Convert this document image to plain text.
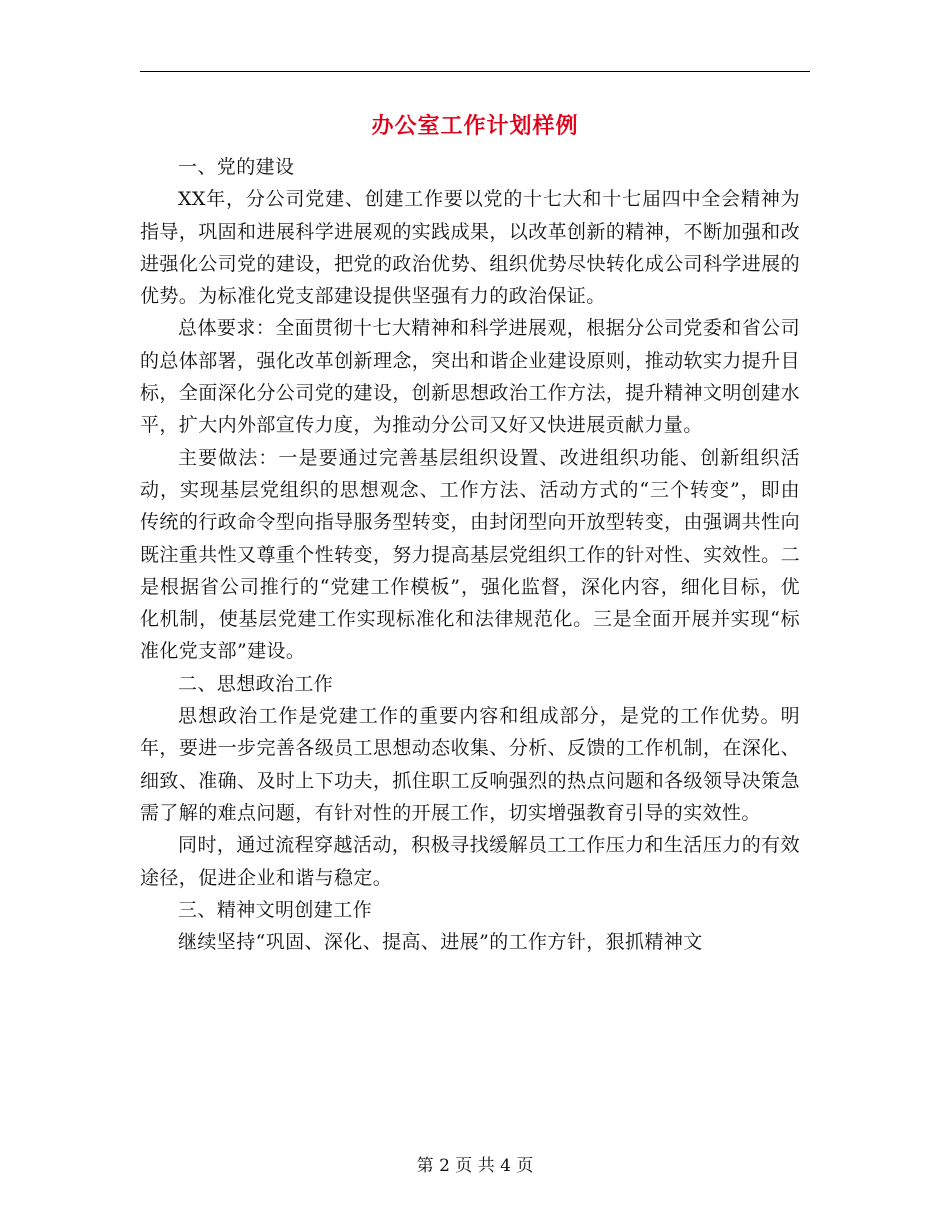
办公室工作计划样例

一、党的建设

XX年，分公司党建、创建工作要以党的十七大和十七届四中全会精神为指导，巩固和进展科学进展观的实践成果，以改革创新的精神，不断加强和改进强化公司党的建设，把党的政治优势、组织优势尽快转化成公司科学进展的优势。为标准化党支部建设提供坚强有力的政治保证。

总体要求：全面贯彻十七大精神和科学进展观，根据分公司党委和省公司的总体部署，强化改革创新理念，突出和谐企业建设原则，推动软实力提升目标，全面深化分公司党的建设，创新思想政治工作方法，提升精神文明创建水平，扩大内外部宣传力度，为推动分公司又好又快进展贡献力量。

主要做法：一是要通过完善基层组织设置、改进组织功能、创新组织活动，实现基层党组织的思想观念、工作方法、活动方式的“三个转变”，即由传统的行政命令型向指导服务型转变，由封闭型向开放型转变，由强调共性向既注重共性又尊重个性转变，努力提高基层党组织工作的针对性、实效性。二是根据省公司推行的“党建工作模板”，强化监督，深化内容，细化目标，优化机制，使基层党建工作实现标准化和法律规范化。三是全面开展并实现“标准化党支部”建设。

二、思想政治工作

思想政治工作是党建工作的重要内容和组成部分，是党的工作优势。明年，要进一步完善各级员工思想动态收集、分析、反馈的工作机制，在深化、细致、准确、及时上下功夫，抓住职工反响强烈的热点问题和各级领导决策急需了解的难点问题，有针对性的开展工作，切实增强教育引导的实效性。

同时，通过流程穿越活动，积极寻找缓解员工工作压力和生活压力的有效途径，促进企业和谐与稳定。

三、精神文明创建工作

继续坚持“巩固、深化、提高、进展”的工作方针，狠抓精神文

第 2 页 共 4 页
